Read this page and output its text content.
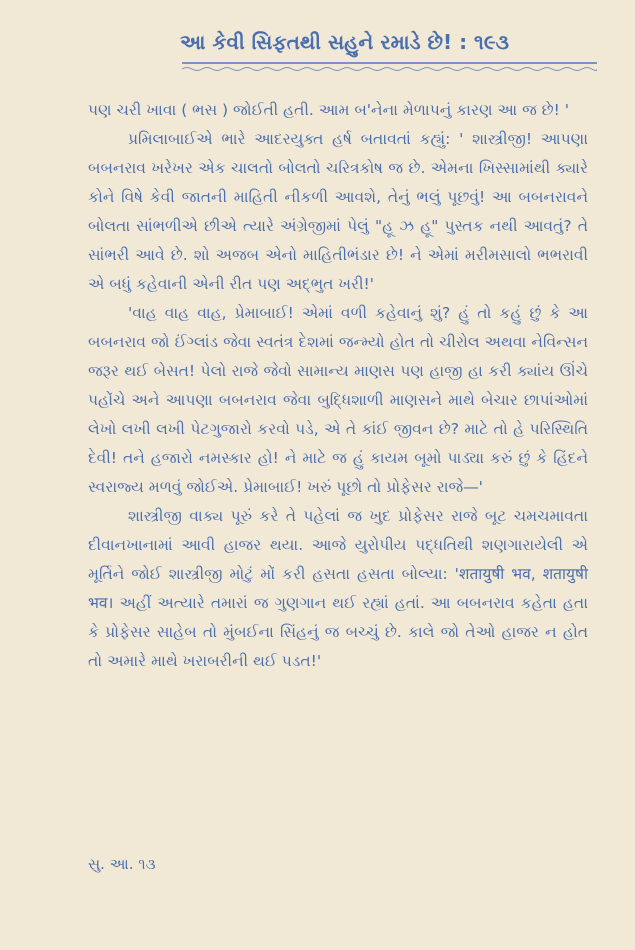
આ કેવી સિફતથી સહુને રમાડે છે! : ૧૯૩

પણ ચરી ખાવા ( ભસ ) જોઈતી હતી. આમ બ'નેના મેળાપનું કારણ આ જ છે! '

પ્રમિલાબાઈએ ભારે આદરયુક્ત હર્ષ બતાવતાં કહ્યું: ' શાસ્ત્રીજી! આપણા બબનરાવ ખરેખર એક ચાલતો બોલતો ચરિત્રકોષ જ છે. એમના ખિસ્સામાંથી ક્યારે કોને વિષે કેવી જાતની માહિતી નીકળી આવશે, તેનું ભલું પૂછવું! આ બબનરાવને બોલતા સાંભળીએ છીએ ત્યારે અંગ્રેજીમાં પેલું "હૂ ઝ હૂ" પુસ્તક નથી આવતું? તે સાંભરી આવે છે. શો અજબ એનો માહિતીભંડાર છે! ને એમાં મરીમસાલો ભભરાવી એ બધું કહેવાની એની રીત પણ અદ્ભુત ખરી!'

'વાહ વાહ વાહ, પ્રેમાબાઈ! એમાં વળી કહેવાનું શું? હું તો કહું છું કે આ બબનરાવ જો ઈંગ્લાંડ જેવા સ્વતંત્ર દેશમાં જન્મ્યો હોત તો ચીરોલ અથવા નેવિન્સન જરૂર થઈ બેસત! પેલો રાજે જેવો સામાન્ય માણસ પણ હાજી હા કરી ક્યાંય ઊંચે પહોંચે અને આપણા બબનરાવ જેવા બુદ્ધિશાળી માણસને માથે બેચાર છાપાંઓમાં લેખો લખી લખી પેટગુજારો કરવો પડે, એ તે કાંઈ જીવન છે? માટે તો હે પરિસ્થિતિ દેવી! તને હજારો નમસ્કાર હો! ને માટે જ હું કાયમ બૂમો પાડ્યા કરું છું કે હિંદને સ્વરાજ્ય મળવું જોઈએ. પ્રેમાબાઈ! ખરું પૂછો તો પ્રોફેસર રાજે—'

શાસ્ત્રીજી વાક્ય પૂરું કરે તે પહેલાં જ ખુદ પ્રોફેસર રાજે બૂટ ચમચમાવતા દીવાનખાનામાં આવી હાજર થયા. આજે યુરોપીય પદ્ધતિથી શણગારાયેલી એ મૂર્તિને જોઈ શાસ્ત્રીજી મોટું મોં કરી હસતા હસતા બોલ્યા: 'शतायुषी भव, शतायुषी भव। અહીં અત્યારે તમારાં જ ગુણગાન થઈ રહ્યાં હતાં. આ બબનરાવ કહેતા હતા કે પ્રોફેસર સાહેબ તો મુંબઈના સિંહનું જ બચ્ચું છે. કાલે જો તેઓ હાજર ન હોત તો અમારે માથે ખરાબરીની થઈ પડત!'

સુ. આ. ૧૩
